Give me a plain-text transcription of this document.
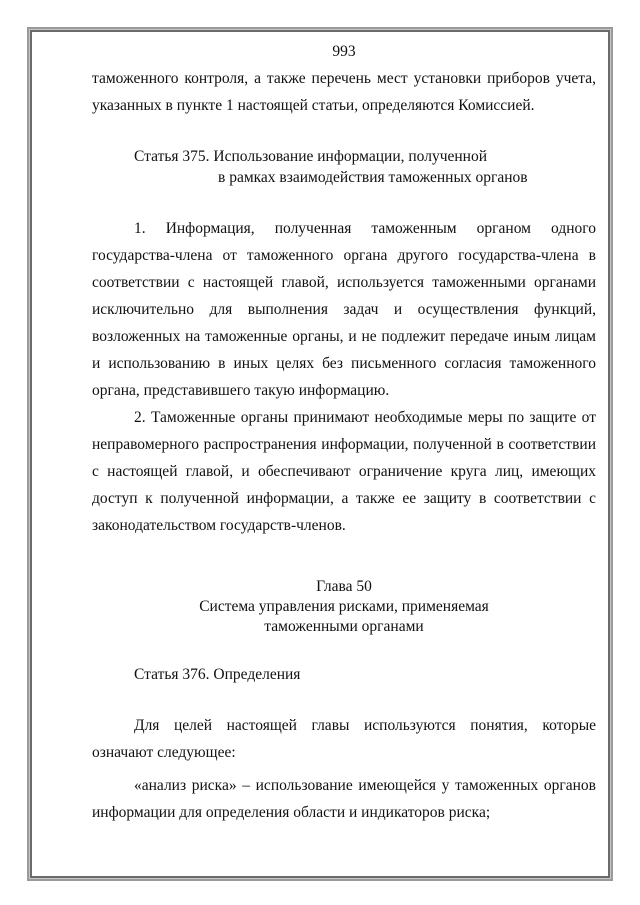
993

таможенного контроля, а также перечень мест установки приборов учета, указанных в пункте 1 настоящей статьи, определяются Комиссией.

Статья 375. Использование информации, полученной
в рамках взаимодействия таможенных органов

1. Информация, полученная таможенным органом одного государства-члена от таможенного органа другого государства-члена в соответствии с настоящей главой, используется таможенными органами исключительно для выполнения задач и осуществления функций, возложенных на таможенные органы, и не подлежит передаче иным лицам и использованию в иных целях без письменного согласия таможенного органа, представившего такую информацию.

2. Таможенные органы принимают необходимые меры по защите от неправомерного распространения информации, полученной в соответствии с настоящей главой, и обеспечивают ограничение круга лиц, имеющих доступ к полученной информации, а также ее защиту в соответствии с законодательством государств-членов.

Глава 50
Система управления рисками, применяемая
таможенными органами
Статья 376. Определения

Для целей настоящей главы используются понятия, которые означают следующее:

«анализ риска» – использование имеющейся у таможенных органов информации для определения области и индикаторов риска;
